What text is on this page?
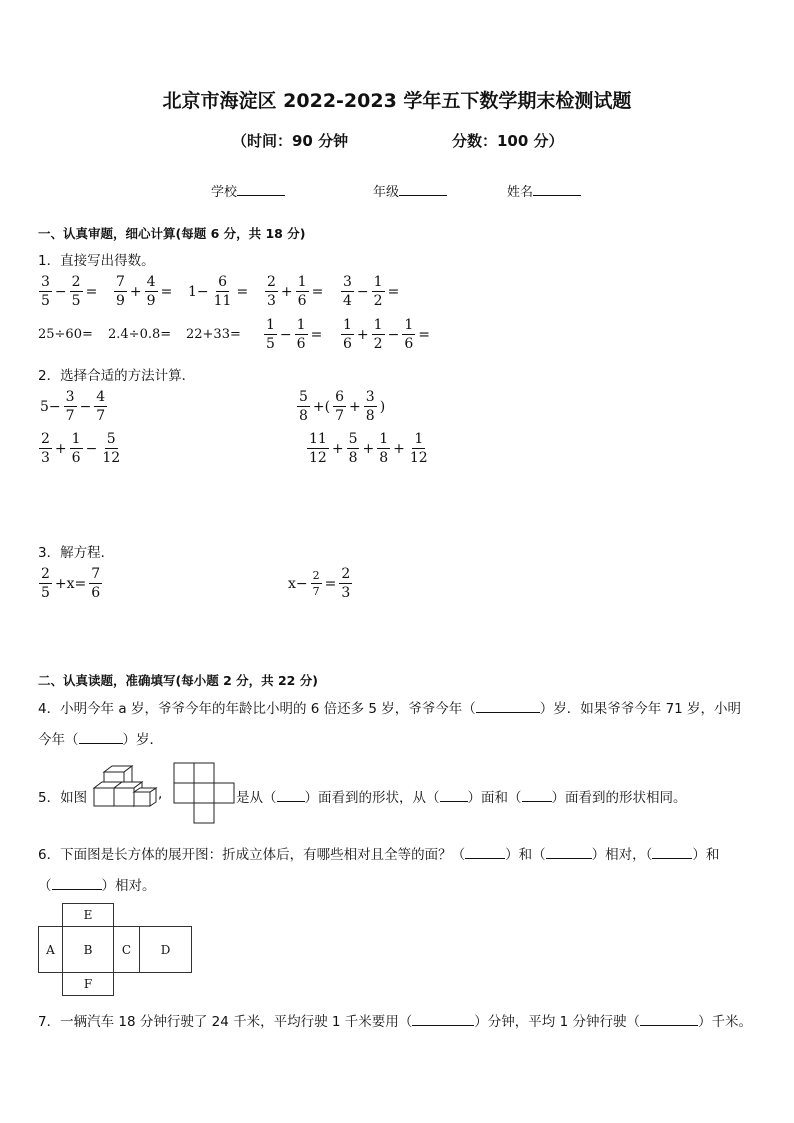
北京市海淀区 2022-2023 学年五下数学期末检测试题
（时间：90 分钟	分数：100 分）
学校	年级	姓名
一、认真审题，细心计算(每题 6 分，共 18 分)
1．直接写出得数。
$\frac{3}{5} - \frac{2}{5} = \frac{7}{9} + \frac{4}{9} = 1- \frac{6}{11} = \frac{2}{3} + \frac{1}{6} = \frac{3}{4} - \frac{1}{2}$ =
$25\div 60= 2.4\div 0.8= 22+33= \frac{1}{5} - \frac{1}{6} = \frac{1}{6} + \frac{1}{2} - \frac{1}{6}$ =
2．选择合适的方法计算．
$5- \frac{3}{7} - \frac{4}{7}$	$\frac{5}{8}$ +( $\frac{6}{7} + \frac{3}{8}$ )
$\frac{2}{3} + \frac{1}{6} - \frac{5}{12}$	$\frac{11}{12} + \frac{5}{8} + \frac{1}{8} + \frac{1}{12}$
3．解方程．
$\frac{2}{5} +x= \frac{7}{6}$	$x- \frac{2}{7} = \frac{2}{3}$
二、认真读题，准确填写(每小题 2 分，共 22 分)
4．小明今年 a 岁，爷爷今年的年龄比小明的 6 倍还多 5 岁，爷爷今年（	）岁．如果爷爷今年 71 岁，小明
今年（	）岁．
5．如图	,	是从（ ）面看到的形状，从（ ）面和（ ）面看到的形状相同。
6．下面图是长方体的展开图：折成立体后，有哪些相对且全等的面？（	）和（	）相对，（	）和
（	）相对。
E
A	B	C	D
F
7．一辆汽车 18 分钟行驶了 24 千米，平均行驶 1 千米要用（	）分钟，平均 1 分钟行驶（	）千米。
